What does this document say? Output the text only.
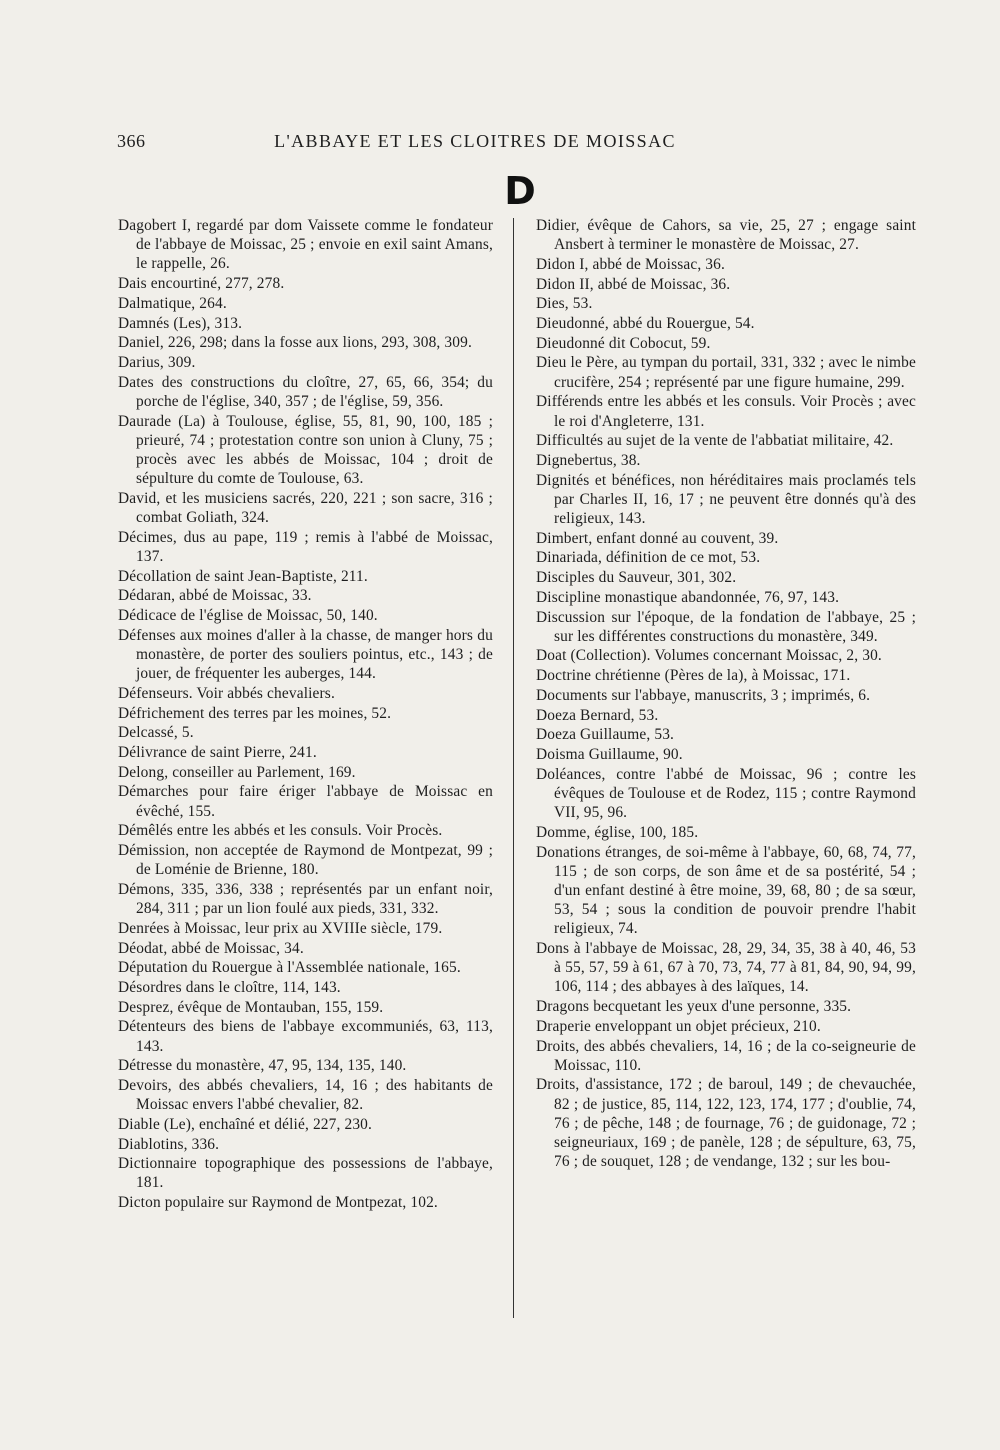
366	L'ABBAYE ET LES CLOITRES DE MOISSAC
D

Dagobert I, regardé par dom Vaissete comme le fondateur de l'abbaye de Moissac, 25 ; envoie en exil saint Amans, le rappelle, 26.

Dais encourtiné, 277, 278.

Dalmatique, 264.

Damnés (Les), 313.

Daniel, 226, 298; dans la fosse aux lions, 293, 308, 309.

Darius, 309.

Dates des constructions du cloître, 27, 65, 66, 354; du porche de l'église, 340, 357 ; de l'église, 59, 356.

Daurade (La) à Toulouse, église, 55, 81, 90, 100, 185 ; prieuré, 74 ; protestation contre son union à Cluny, 75 ; procès avec les abbés de Moissac, 104 ; droit de sépulture du comte de Toulouse, 63.

David, et les musiciens sacrés, 220, 221 ; son sacre, 316 ; combat Goliath, 324.

Décimes, dus au pape, 119 ; remis à l'abbé de Moissac, 137.

Décollation de saint Jean-Baptiste, 211.

Dédaran, abbé de Moissac, 33.

Dédicace de l'église de Moissac, 50, 140.

Défenses aux moines d'aller à la chasse, de manger hors du monastère, de porter des souliers pointus, etc., 143 ; de jouer, de fréquenter les auberges, 144.

Défenseurs. Voir abbés chevaliers.

Défrichement des terres par les moines, 52.

Delcassé, 5.

Délivrance de saint Pierre, 241.

Delong, conseiller au Parlement, 169.

Démarches pour faire ériger l'abbaye de Moissac en évêché, 155.

Démêlés entre les abbés et les consuls. Voir Procès.

Démission, non acceptée de Raymond de Montpezat, 99 ; de Loménie de Brienne, 180.

Démons, 335, 336, 338 ; représentés par un enfant noir, 284, 311 ; par un lion foulé aux pieds, 331, 332.

Denrées à Moissac, leur prix au XVIIIe siècle, 179.

Déodat, abbé de Moissac, 34.

Députation du Rouergue à l'Assemblée nationale, 165.

Désordres dans le cloître, 114, 143.

Desprez, évêque de Montauban, 155, 159.

Détenteurs des biens de l'abbaye excommuniés, 63, 113, 143.

Détresse du monastère, 47, 95, 134, 135, 140.

Devoirs, des abbés chevaliers, 14, 16 ; des habitants de Moissac envers l'abbé chevalier, 82.

Diable (Le), enchaîné et délié, 227, 230.

Diablotins, 336.

Dictionnaire topographique des possessions de l'abbaye, 181.

Dicton populaire sur Raymond de Montpezat, 102.

Didier, évêque de Cahors, sa vie, 25, 27 ; engage saint Ansbert à terminer le monastère de Moissac, 27.

Didon I, abbé de Moissac, 36.

Didon II, abbé de Moissac, 36.

Dies, 53.

Dieudonné, abbé du Rouergue, 54.

Dieudonné dit Cobocut, 59.

Dieu le Père, au tympan du portail, 331, 332 ; avec le nimbe crucifère, 254 ; représenté par une figure humaine, 299.

Différends entre les abbés et les consuls. Voir Procès ; avec le roi d'Angleterre, 131.

Difficultés au sujet de la vente de l'abbatiat militaire, 42.

Dignebertus, 38.

Dignités et bénéfices, non héréditaires mais proclamés tels par Charles II, 16, 17 ; ne peuvent être donnés qu'à des religieux, 143.

Dimbert, enfant donné au couvent, 39.

Dinariada, définition de ce mot, 53.

Disciples du Sauveur, 301, 302.

Discipline monastique abandonnée, 76, 97, 143.

Discussion sur l'époque, de la fondation de l'abbaye, 25 ; sur les différentes constructions du monastère, 349.

Doat (Collection). Volumes concernant Moissac, 2, 30.

Doctrine chrétienne (Pères de la), à Moissac, 171.

Documents sur l'abbaye, manuscrits, 3 ; imprimés, 6.

Doeza Bernard, 53.

Doeza Guillaume, 53.

Doisma Guillaume, 90.

Doléances, contre l'abbé de Moissac, 96 ; contre les évêques de Toulouse et de Rodez, 115 ; contre Raymond VII, 95, 96.

Domme, église, 100, 185.

Donations étranges, de soi-même à l'abbaye, 60, 68, 74, 77, 115 ; de son corps, de son âme et de sa postérité, 54 ; d'un enfant destiné à être moine, 39, 68, 80 ; de sa sœur, 53, 54 ; sous la condition de pouvoir prendre l'habit religieux, 74.

Dons à l'abbaye de Moissac, 28, 29, 34, 35, 38 à 40, 46, 53 à 55, 57, 59 à 61, 67 à 70, 73, 74, 77 à 81, 84, 90, 94, 99, 106, 114 ; des abbayes à des laïques, 14.

Dragons becquetant les yeux d'une personne, 335.

Draperie enveloppant un objet précieux, 210.

Droits, des abbés chevaliers, 14, 16 ; de la co-seigneurie de Moissac, 110.

Droits, d'assistance, 172 ; de baroul, 149 ; de chevauchée, 82 ; de justice, 85, 114, 122, 123, 174, 177 ; d'oublie, 74, 76 ; de pêche, 148 ; de fournage, 76 ; de guidonage, 72 ; seigneuriaux, 169 ; de panèle, 128 ; de sépulture, 63, 75, 76 ; de souquet, 128 ; de vendange, 132 ; sur les bou-
